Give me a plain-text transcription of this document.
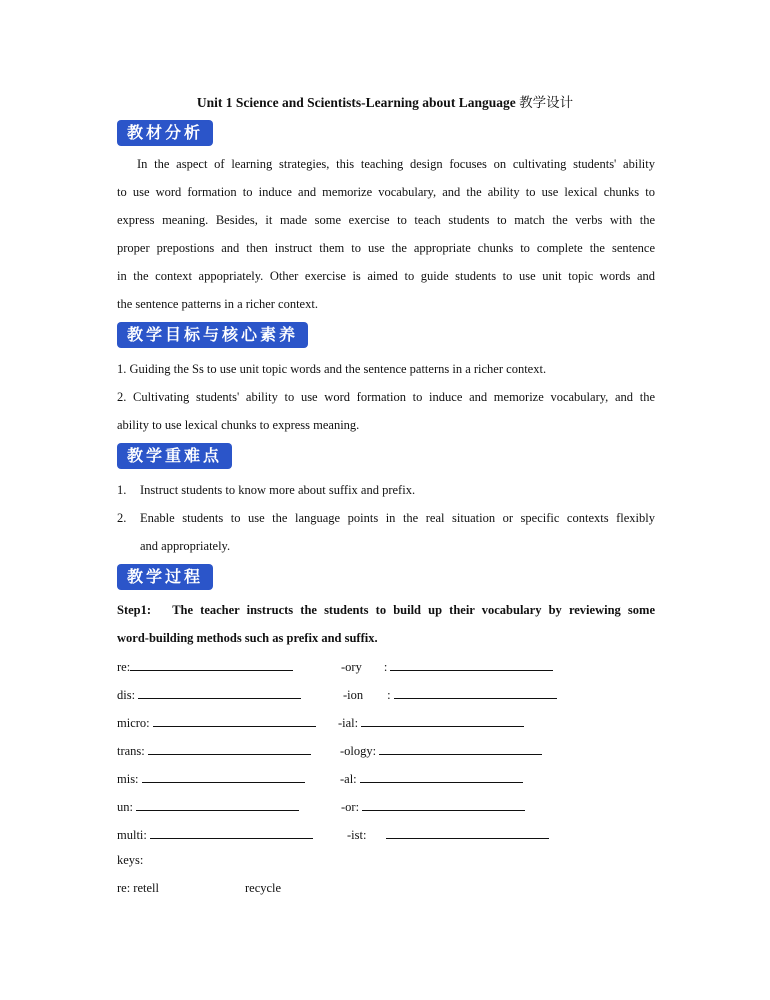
Unit 1 Science and Scientists-Learning about Language 教学设计
教材分析
In the aspect of learning strategies, this teaching design focuses on cultivating students' ability
to use word formation to induce and memorize vocabulary, and the ability to use lexical chunks to
express meaning. Besides, it made some exercise to teach students to match the verbs with the
proper prepostions and then instruct them to use the appropriate chunks to complete the sentence
in the context appopriately. Other exercise is aimed to guide students to use unit topic words and
the sentence patterns in a richer context.
教学目标与核心素养
1. Guiding the Ss to use unit topic words and the sentence patterns in a richer context.
2. Cultivating students' ability to use word formation to induce and memorize vocabulary, and the
ability to use lexical chunks to express meaning.
教学重难点
1. Instruct students to know more about suffix and prefix.
2. Enable students to use the language points in the real situation or specific contexts flexibly
and appropriately.
教学过程
Step1:   The teacher instructs the students to build up their vocabulary by reviewing some
word-building methods such as prefix and suffix.
re:
dis:
micro:
trans:
mis:
un:
multi:
-ory :
-ion :
-ial:
-ology:
-al:
-or:
-ist:
keys:
re: retell	recycle
